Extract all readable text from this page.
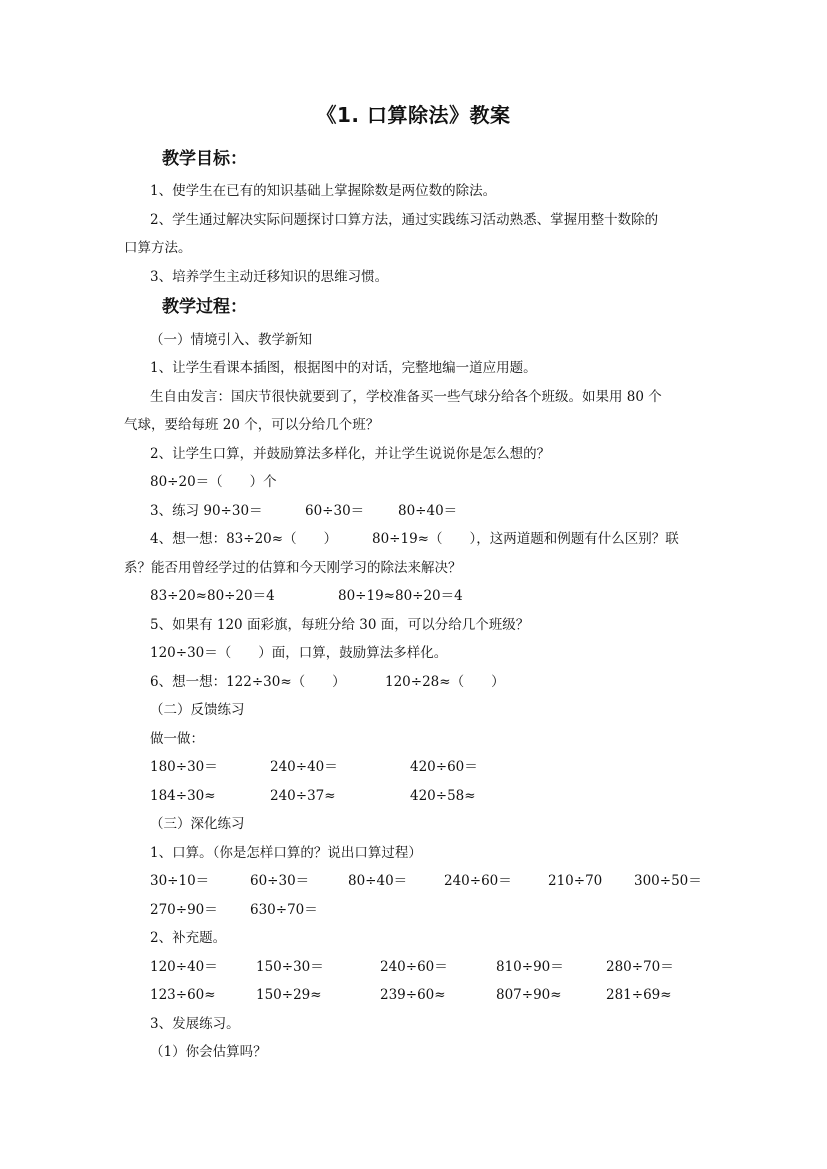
《1. 口算除法》教案
教学目标：
1、使学生在已有的知识基础上掌握除数是两位数的除法。
2、学生通过解决实际问题探讨口算方法，通过实践练习活动熟悉、掌握用整十数除的
口算方法。
3、培养学生主动迁移知识的思维习惯。
教学过程：
（一）情境引入、教学新知
1、让学生看课本插图，根据图中的对话，完整地编一道应用题。
生自由发言：国庆节很快就要到了，学校准备买一些气球分给各个班级。如果用 80 个
气球，要给每班 20 个，可以分给几个班？
2、让学生口算，并鼓励算法多样化，并让学生说说你是怎么想的？
80÷20＝（　　）个
3、练习 90÷30＝	60÷30＝	80÷40＝
4、想一想：83÷20≈（　　）	80÷19≈（　　），这两道题和例题有什么区别？联
系？能否用曾经学过的估算和今天刚学习的除法来解决？
83÷20≈80÷20＝4	80÷19≈80÷20＝4
5、如果有 120 面彩旗，每班分给 30 面，可以分给几个班级？
120÷30＝（　　）面，口算，鼓励算法多样化。
6、想一想：122÷30≈（　　）	120÷28≈（　　）
（二）反馈练习
做一做：
180÷30＝	240÷40＝	420÷60＝
184÷30≈	240÷37≈	420÷58≈
（三）深化练习
1、口算。（你是怎样口算的？说出口算过程）
30÷10＝	60÷30＝	80÷40＝	240÷60＝	210÷70 300÷50＝
270÷90＝ 630÷70＝
2、补充题。
120÷40＝	150÷30＝	240÷60＝	810÷90＝	280÷70＝
123÷60≈	150÷29≈	239÷60≈	807÷90≈	281÷69≈
3、发展练习。
（1）你会估算吗？
